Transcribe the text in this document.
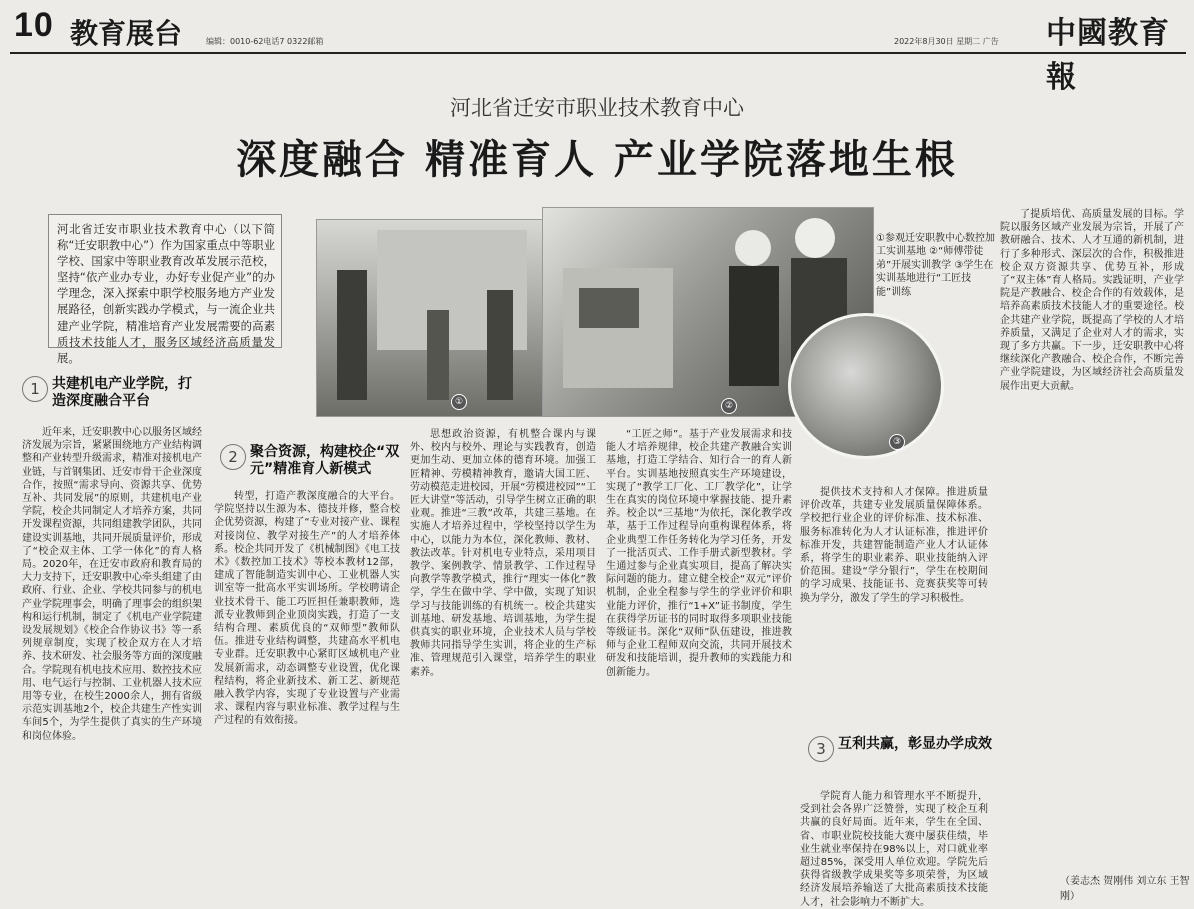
10 教育展台	编辑：0010-62电话7 0322邮箱	2022年8月30日 星期二 广告 中國教育報
河北省迁安市职业技术教育中心
深度融合 精准育人 产业学院落地生根
河北省迁安市职业技术教育中心（以下简称“迁安职教中心”）作为国家重点中等职业学校、国家中等职业教育改革发展示范校，坚持“依产业办专业，办好专业促产业”的办学理念，深入探索中职学校服务地方产业发展路径，创新实践办学模式，与一流企业共建产业学院，精准培育产业发展需要的高素质技术技能人才，服务区域经济高质量发展。
①	②
③
①参观迁安职教中心数控加工实训基地 ②“师傅带徒弟”开展实训教学 ③学生在实训基地进行“工匠技能”训练
1 共建机电产业学院，打造深度融合平台
2 聚合资源，构建校企“双元”精准育人新模式
3 互利共赢，彰显办学成效

近年来，迁安职教中心以服务区域经济发展为宗旨，紧紧围绕地方产业结构调整和产业转型升级需求，精准对接机电产业链，与首钢集团、迁安市骨干企业深度合作，按照“需求导向、资源共享、优势互补、共同发展”的原则，共建机电产业学院，校企共同制定人才培养方案，共同开发课程资源，共同组建教学团队，共同建设实训基地，共同开展质量评价，形成了“校企双主体、工学一体化”的育人格局。2020年，在迁安市政府和教育局的大力支持下，迁安职教中心牵头组建了由政府、行业、企业、学校共同参与的机电产业学院理事会，明确了理事会的组织架构和运行机制，制定了《机电产业学院建设发展规划》《校企合作协议书》等一系列规章制度，实现了校企双方在人才培养、技术研发、社会服务等方面的深度融合。学院现有机电技术应用、数控技术应用、电气运行与控制、工业机器人技术应用等专业，在校生2000余人，拥有省级示范实训基地2个，校企共建生产性实训车间5个，为学生提供了真实的生产环境和岗位体验。

转型，打造产教深度融合的大平台。学院坚持以生源为本、德技并修，整合校企优势资源，构建了“专业对接产业、课程对接岗位、教学对接生产”的人才培养体系。校企共同开发了《机械制图》《电工技术》《数控加工技术》等校本教材12部，建成了智能制造实训中心、工业机器人实训室等一批高水平实训场所。学校聘请企业技术骨干、能工巧匠担任兼职教师，选派专业教师到企业顶岗实践，打造了一支结构合理、素质优良的“双师型”教师队伍。推进专业结构调整，共建高水平机电专业群。迁安职教中心紧盯区域机电产业发展新需求，动态调整专业设置，优化课程结构，将企业新技术、新工艺、新规范融入教学内容，实现了专业设置与产业需求、课程内容与职业标准、教学过程与生产过程的有效衔接。

思想政治资源，有机整合课内与课外、校内与校外、理论与实践教育，创造更加生动、更加立体的德育环境。加强工匠精神、劳模精神教育，邀请大国工匠、劳动模范走进校园，开展“劳模进校园”“工匠大讲堂”等活动，引导学生树立正确的职业观。推进“三教”改革，共建三基地。在实施人才培养过程中，学校坚持以学生为中心，以能力为本位，深化教师、教材、教法改革。针对机电专业特点，采用项目教学、案例教学、情景教学、工作过程导向教学等教学模式，推行“理实一体化”教学，学生在做中学、学中做，实现了知识学习与技能训练的有机统一。校企共建实训基地、研发基地、培训基地，为学生提供真实的职业环境，企业技术人员与学校教师共同指导学生实训，将企业的生产标准、管理规范引入课堂，培养学生的职业素养。

“工匠之师”。基于产业发展需求和技能人才培养规律，校企共建产教融合实训基地，打造工学结合、知行合一的育人新平台。实训基地按照真实生产环境建设，实现了“教学工厂化、工厂教学化”，让学生在真实的岗位环境中掌握技能、提升素养。校企以“三基地”为依托，深化教学改革，基于工作过程导向重构课程体系，将企业典型工作任务转化为学习任务，开发了一批活页式、工作手册式新型教材。学生通过参与企业真实项目，提高了解决实际问题的能力。建立健全校企“双元”评价机制，企业全程参与学生的学业评价和职业能力评价，推行“1+X”证书制度，学生在获得学历证书的同时取得多项职业技能等级证书。深化“双师”队伍建设，推进教师与企业工程师双向交流，共同开展技术研发和技能培训，提升教师的实践能力和创新能力。

提供技术支持和人才保障。推进质量评价改革，共建专业发展质量保障体系。学校把行业企业的评价标准、技术标准、服务标准转化为人才认证标准，推进评价标准开发，共建智能制造产业人才认证体系，将学生的职业素养、职业技能纳入评价范围。建设“学分银行”，学生在校期间的学习成果、技能证书、竞赛获奖等可转换为学分，激发了学生的学习积极性。

学院育人能力和管理水平不断提升，受到社会各界广泛赞誉，实现了校企互利共赢的良好局面。近年来，学生在全国、省、市职业院校技能大赛中屡获佳绩，毕业生就业率保持在98%以上，对口就业率超过85%，深受用人单位欢迎。学院先后获得省级教学成果奖等多项荣誉，为区域经济发展培养输送了大批高素质技术技能人才，社会影响力不断扩大。

了提质培优、高质量发展的目标。学院以服务区域产业发展为宗旨，开展了产教研融合、技术、人才互通的新机制，进行了多种形式、深层次的合作，积极推进校企双方资源共享、优势互补，形成了“双主体”育人格局。实践证明，产业学院是产教融合、校企合作的有效载体，是培养高素质技术技能人才的重要途径。校企共建产业学院，既提高了学校的人才培养质量，又满足了企业对人才的需求，实现了多方共赢。下一步，迁安职教中心将继续深化产教融合、校企合作，不断完善产业学院建设，为区域经济社会高质量发展作出更大贡献。

（姜志杰 贺刚伟 刘立东 王智刚）
